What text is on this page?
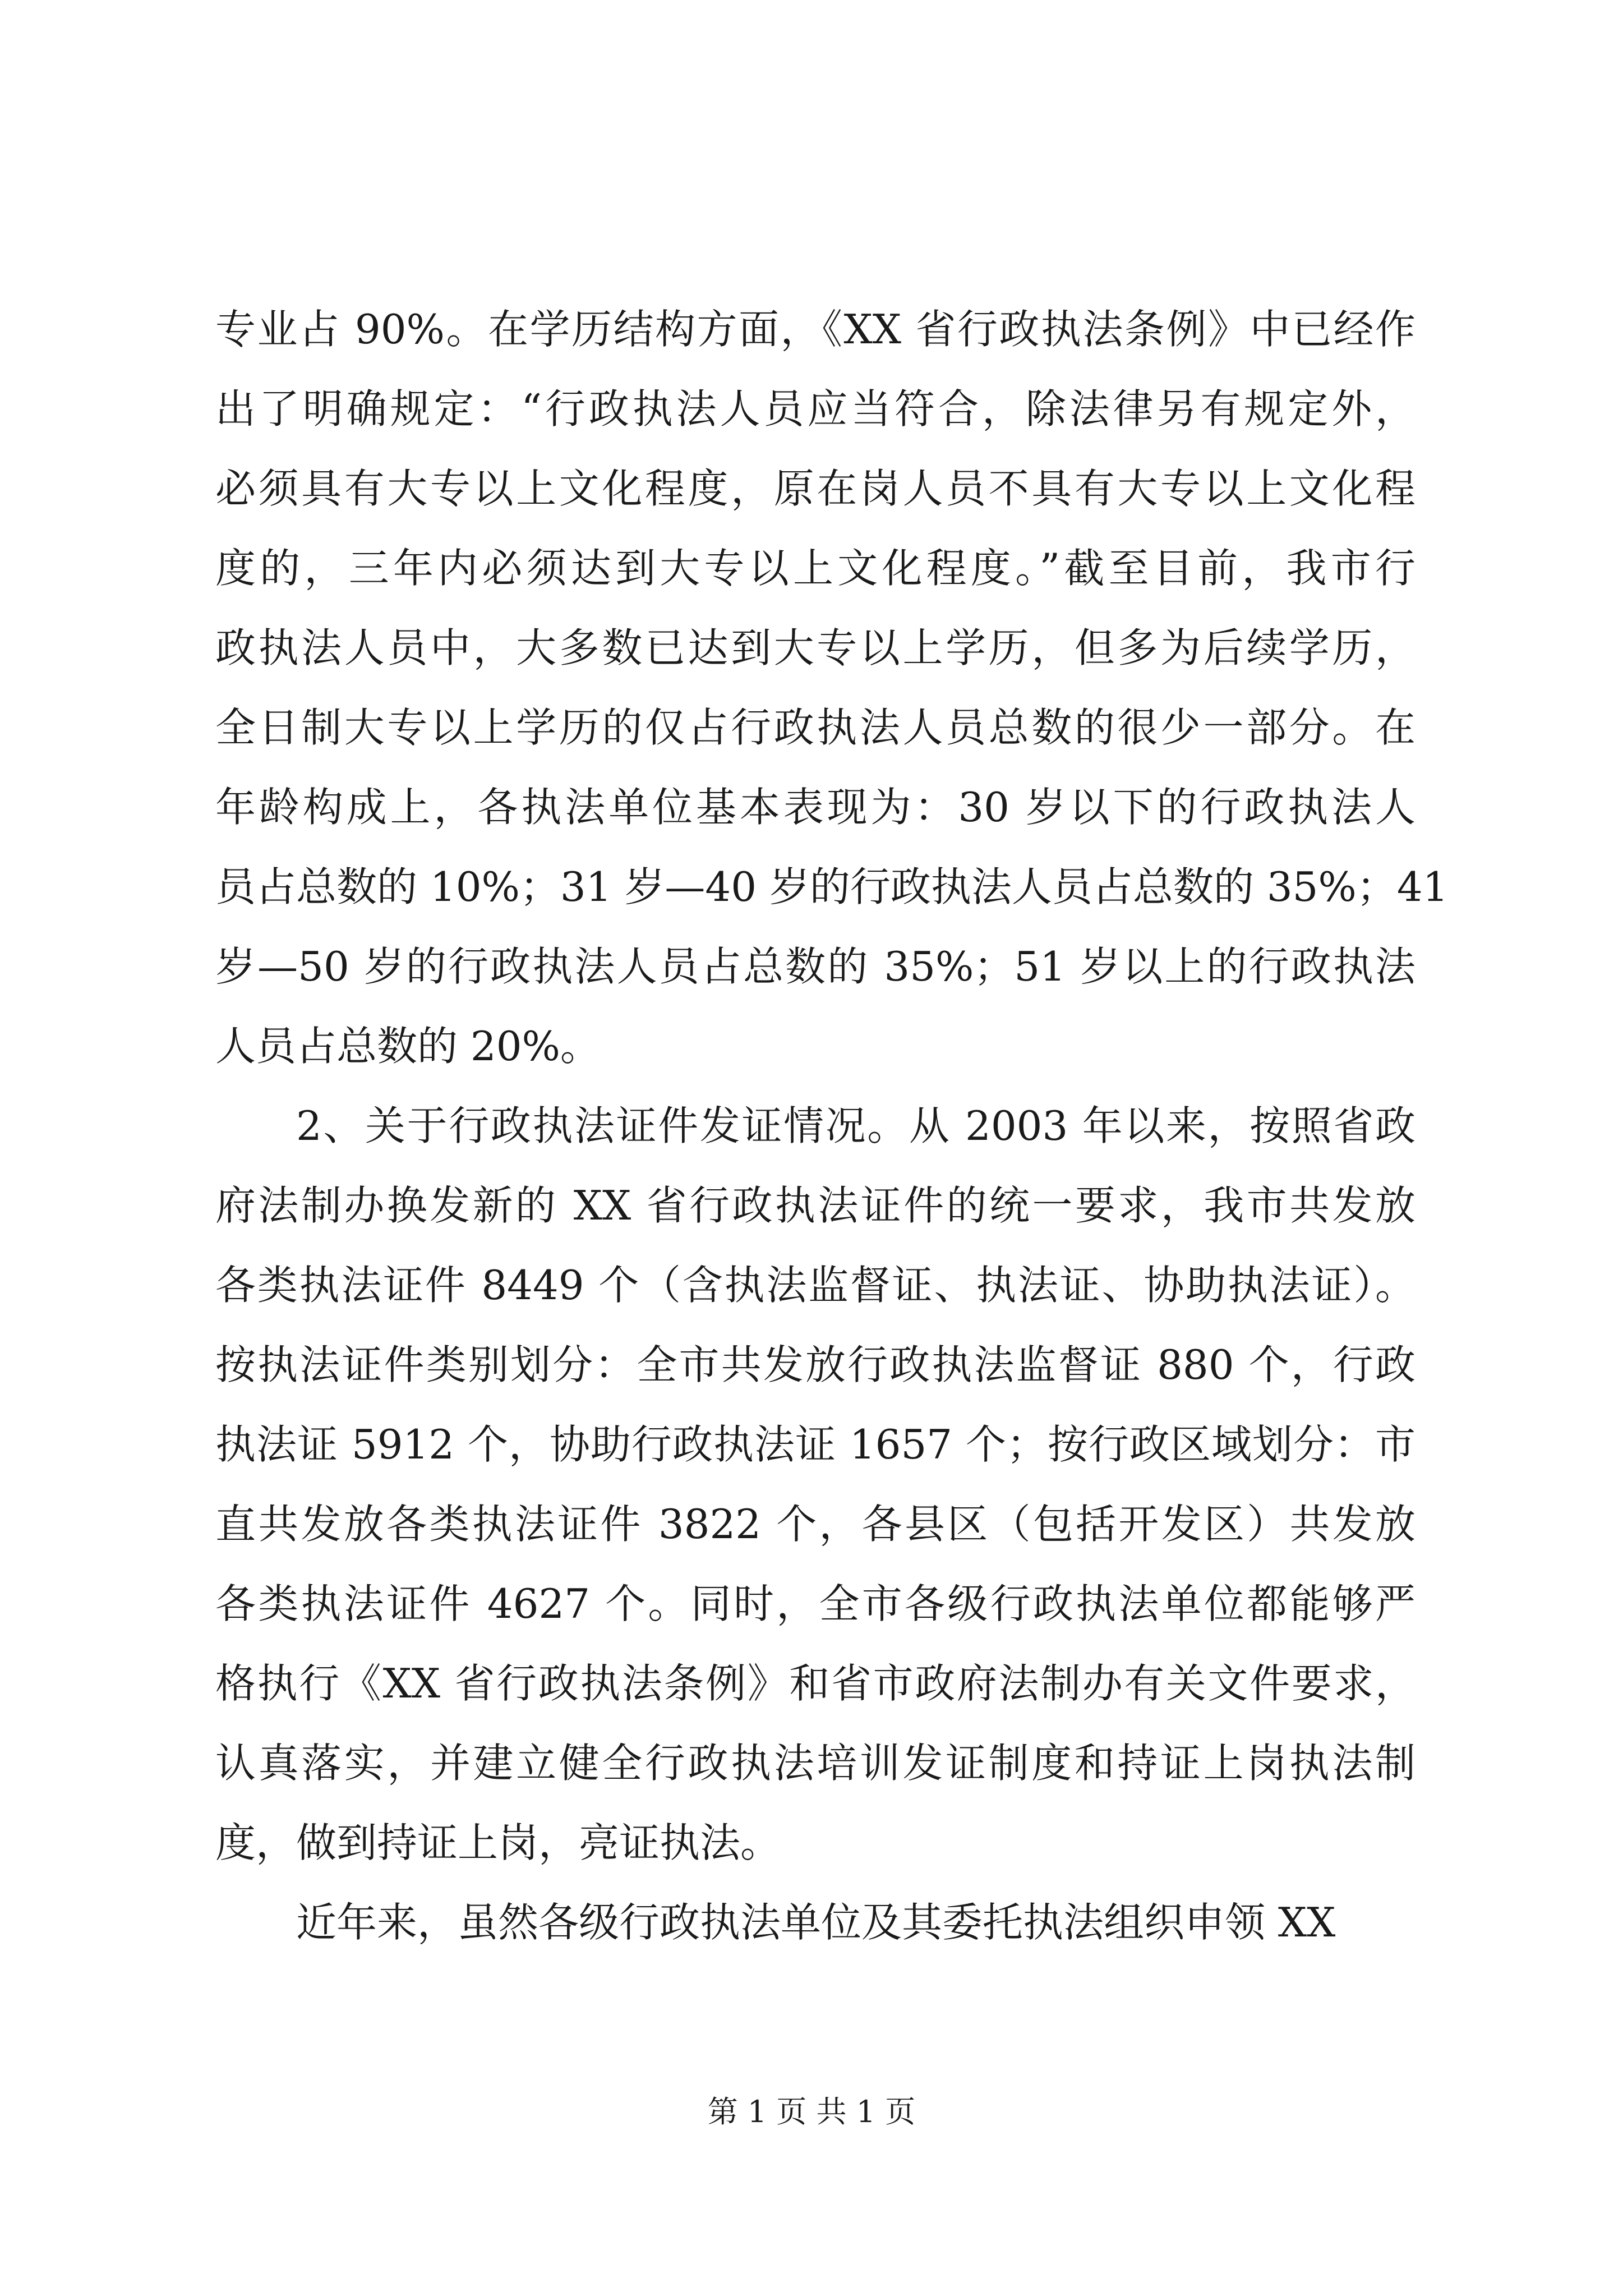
专业占 90%。在学历结构方面，《XX 省行政执法条例》中已经作
出了明确规定：“行政执法人员应当符合，除法律另有规定外，
必须具有大专以上文化程度，原在岗人员不具有大专以上文化程
度的，三年内必须达到大专以上文化程度。”截至目前，我市行
政执法人员中，大多数已达到大专以上学历，但多为后续学历，
全日制大专以上学历的仅占行政执法人员总数的很少一部分。在
年龄构成上，各执法单位基本表现为：30 岁以下的行政执法人
员占总数的 10%；31 岁—40 岁的行政执法人员占总数的 35%；41
岁—50 岁的行政执法人员占总数的 35%；51 岁以上的行政执法
人员占总数的 20%。
2、关于行政执法证件发证情况。从 2003 年以来，按照省政
府法制办换发新的 XX 省行政执法证件的统一要求，我市共发放
各类执法证件 8449 个（含执法监督证、执法证、协助执法证）。
按执法证件类别划分：全市共发放行政执法监督证 880 个，行政
执法证 5912 个，协助行政执法证 1657 个；按行政区域划分：市
直共发放各类执法证件 3822 个，各县区（包括开发区）共发放
各类执法证件 4627 个。同时，全市各级行政执法单位都能够严
格执行《XX 省行政执法条例》和省市政府法制办有关文件要求，
认真落实，并建立健全行政执法培训发证制度和持证上岗执法制
度，做到持证上岗，亮证执法。
近年来，虽然各级行政执法单位及其委托执法组织申领 XX
第 1 页 共 1 页
